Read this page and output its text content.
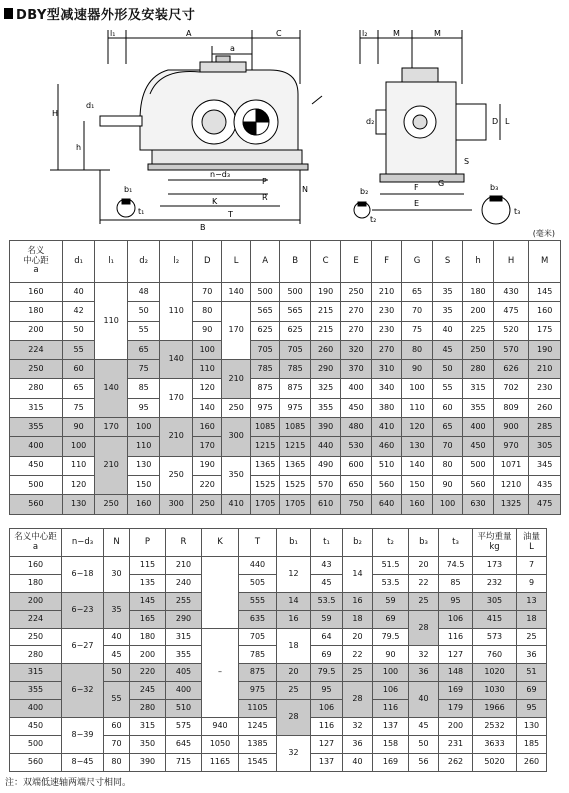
DBY型减速器外形及安装尺寸
l₁	A	C
a
H
d₁
h
b₁
t₁
n−d₃
P
R
N
K
T
B
l₂	M	M
d₂	D L
S
b₂
t₂
F G
E
b₃
t₃
(毫米)
名义
中心距
a	d₁	l₁	d₂	l₂	D	L	A	B	C	E	F	G	S	h	H	M
160	40	110	48	110	70	140	500	500	190	250	210	65	35	180	430	145
180	42		50		80	170	565	565	215	270	230	70	35	200	475	160
200	50		55		90		625	625	215	270	230	75	40	225	520	175
224	55		65	140	100		705	705	260	320	270	80	45	250	570	190
250	60	140	75		110	210	785	785	290	370	310	90	50	280	626	210
280	65		85	170	120		875	875	325	400	340	100	55	315	702	230
315	75		95		140	250	975	975	355	450	380	110	60	355	809	260
355	90	170	100	210	160	300	1085	1085	390	480	410	120	65	400	900	285
400	100	210	110		170		1215	1215	440	530	460	130	70	450	970	305
450	110		130	250	190	350	1365	1365	490	600	510	140	80	500	1071	345
500	120		150		220		1525	1525	570	650	560	150	90	560	1210	435
560	130	250	160	300	250	410	1705	1705	610	750	640	160	100	630	1325	475
名义中心距
a	n−d₃	N	P	R	K	T	b₁	t₁	b₂	t₂	b₃	t₃	平均重量
kg	油量
L
160	6−18	30	115	210		440	12	43	14	51.5	20	74.5	173	7
180			135	240		505		45		53.5	22	85	232	9
200	6−23	35	145	255		555	14	53.5	16	59	25	95	305	13
224			165	290		635	16	59	18	69	28	106	415	18
250	6−27	40	180	315	–	705	18	64	20	79.5		116	573	25
280		45	200	355		785		69	22	90	32	127	760	36
315	6−32	50	220	405		875	20	79.5	25	100	36	148	1020	51
355		55	245	400		975	25	95	28	106	40	169	1030	69
400			280	510		1105	28	106		116		179	1966	95
450	8−39	60	315	575	940	1245		116	32	137	45	200	2532	130
500		70	350	645	1050	1385	32	127	36	158	50	231	3633	185
560	8−45	80	390	715	1165	1545		137	40	169	56	262	5020	260
注：双端低速轴两端尺寸相同。
